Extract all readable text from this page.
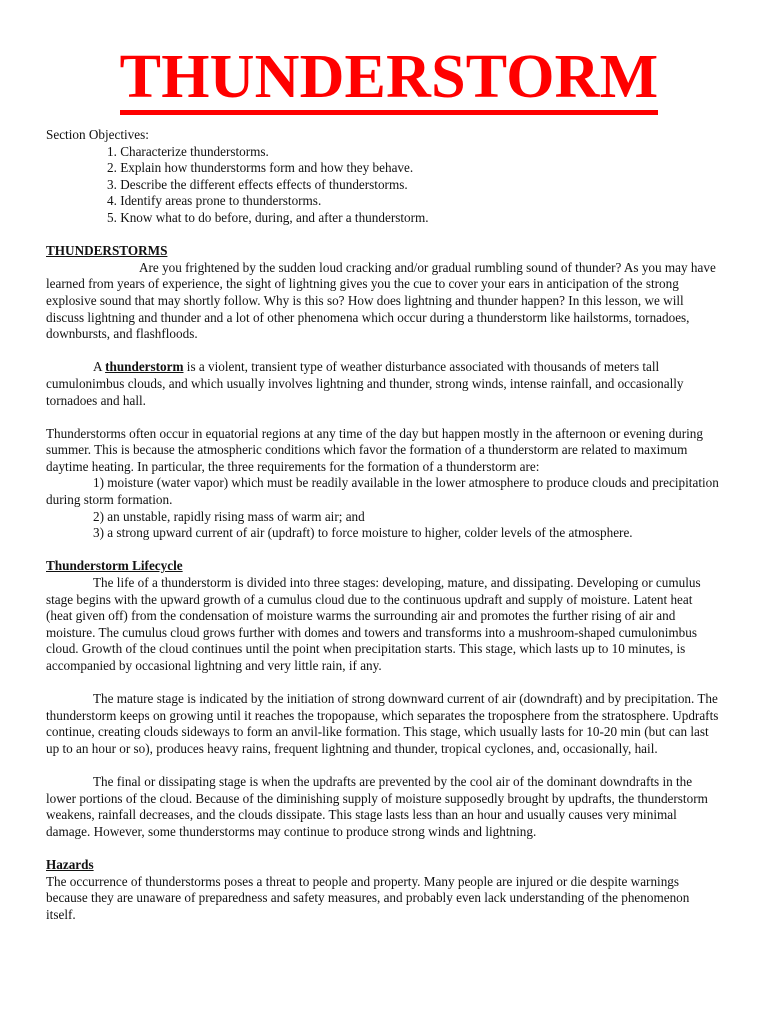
THUNDERSTORM

Section Objectives:

1. Characterize thunderstorms.
2. Explain how thunderstorms form and how they behave.
3. Describe the different effects effects of thunderstorms.
4. Identify areas prone to thunderstorms.
5. Know what to do before, during, and after a thunderstorm.
THUNDERSTORMS

Are you frightened by the sudden loud cracking and/or gradual rumbling sound of thunder? As you may have learned from years of experience, the sight of lightning gives you the cue to cover your ears in anticipation of the strong explosive sound that may shortly follow. Why is this so? How does lightning and thunder happen? In this lesson, we will discuss lightning and thunder and a lot of other phenomena which occur during a thunderstorm like hailstorms, tornadoes, downbursts, and flashfloods.

A thunderstorm is a violent, transient type of weather disturbance associated with thousands of meters tall cumulonimbus clouds, and which usually involves lightning and thunder, strong winds, intense rainfall, and occasionally tornadoes and hall.

Thunderstorms often occur in equatorial regions at any time of the day but happen mostly in the afternoon or evening during summer. This is because the atmospheric conditions which favor the formation of a thunderstorm are related to maximum daytime heating. In particular, the three requirements for the formation of a thunderstorm are:

1) moisture (water vapor) which must be readily available in the lower atmosphere to produce clouds and precipitation during storm formation.

2) an unstable, rapidly rising mass of warm air; and

3) a strong upward current of air (updraft) to force moisture to higher, colder levels of the atmosphere.

Thunderstorm Lifecycle

The life of a thunderstorm is divided into three stages: developing, mature, and dissipating. Developing or cumulus stage begins with the upward growth of a cumulus cloud due to the continuous updraft and supply of moisture. Latent heat (heat given off) from the condensation of moisture warms the surrounding air and promotes the further rising of air and moisture. The cumulus cloud grows further with domes and towers and transforms into a mushroom-shaped cumulonimbus cloud. Growth of the cloud continues until the point when precipitation starts. This stage, which lasts up to 10 minutes, is accompanied by occasional lightning and very little rain, if any.

The mature stage is indicated by the initiation of strong downward current of air (downdraft) and by precipitation. The thunderstorm keeps on growing until it reaches the tropopause, which separates the troposphere from the stratosphere. Updrafts continue, creating clouds sideways to form an anvil-like formation. This stage, which usually lasts for 10-20 min (but can last up to an hour or so), produces heavy rains, frequent lightning and thunder, tropical cyclones, and, occasionally, hail.

The final or dissipating stage is when the updrafts are prevented by the cool air of the dominant downdrafts in the lower portions of the cloud. Because of the diminishing supply of moisture supposedly brought by updrafts, the thunderstorm weakens, rainfall decreases, and the clouds dissipate. This stage lasts less than an hour and usually causes very minimal damage. However, some thunderstorms may continue to produce strong winds and lightning.

Hazards

The occurrence of thunderstorms poses a threat to people and property. Many people are injured or die despite warnings because they are unaware of preparedness and safety measures, and probably even lack understanding of the phenomenon itself.
